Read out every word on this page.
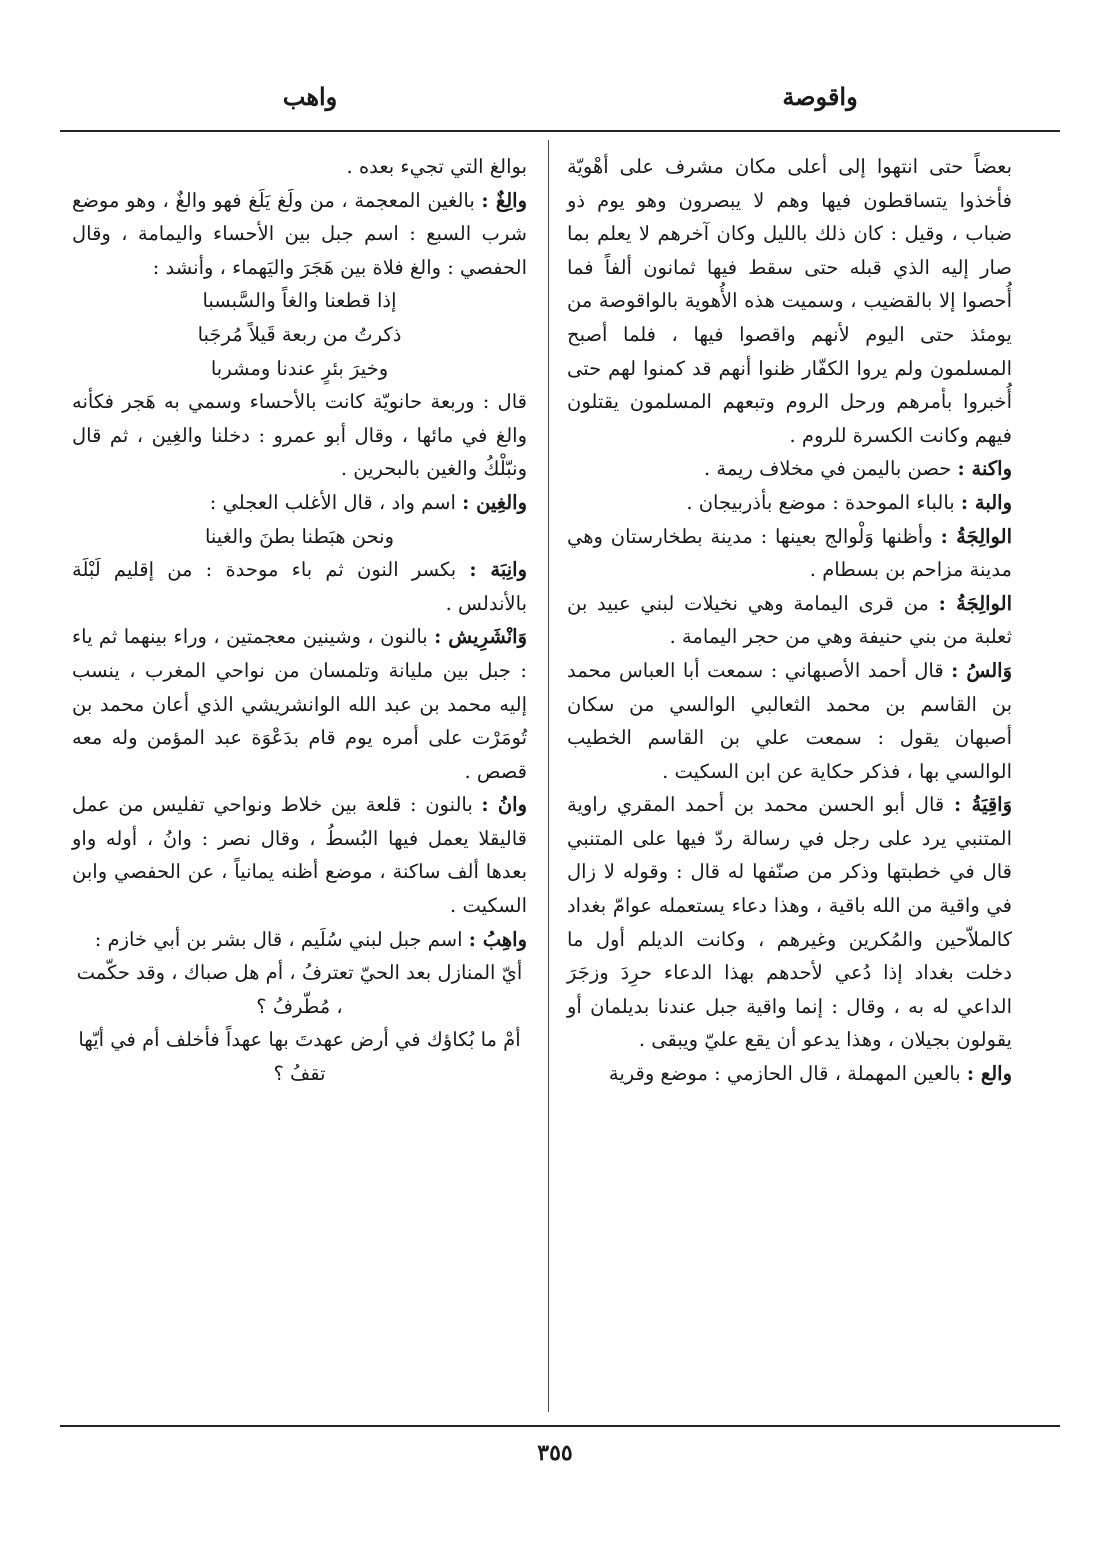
واقوصة
واهب

بعضاً حتى انتهوا إلى أعلى مكان مشرف على أهْويّة فأخذوا يتساقطون فيها وهم لا يبصرون وهو يوم ذو ضباب ، وقيل : كان ذلك بالليل وكان آخرهم لا يعلم بما صار إليه الذي قبله حتى سقط فيها ثمانون ألفاً فما أُحصوا إلا بالقضيب ، وسميت هذه الأُهوية بالواقوصة من يومئذ حتى اليوم لأنهم واقصوا فيها ، فلما أصبح المسلمون ولم يروا الكفّار ظنوا أنهم قد كمنوا لهم حتى أُخبروا بأمرهم ورحل الروم وتبعهم المسلمون يقتلون فيهم وكانت الكسرة للروم .

واكنة : حصن باليمن في مخلاف ريمة .

والبة : بالباء الموحدة : موضع بأذربيجان .

الوالِجَةُ : وأظنها وَلْوالج بعينها : مدينة بطخارستان وهي مدينة مزاحم بن بسطام .

الوالِجَةُ : من قرى اليمامة وهي نخيلات لبني عبيد بن ثعلبة من بني حنيفة وهي من حجر اليمامة .

وَالسُ : قال أحمد الأصبهاني : سمعت أبا العباس محمد بن القاسم بن محمد الثعالبي الوالسي من سكان أصبهان يقول : سمعت علي بن القاسم الخطيب الوالسي بها ، فذكر حكاية عن ابن السكيت .

وَاقِيَةُ : قال أبو الحسن محمد بن أحمد المقري راوية المتنبي يرد على رجل في رسالة ردّ فيها على المتنبي قال في خطبتها وذكر من صنّفها له قال : وقوله لا زال في واقية من الله باقية ، وهذا دعاء يستعمله عوامّ بغداد كالملاّحين والمُكرين وغيرهم ، وكانت الديلم أول ما دخلت بغداد إذا دُعي لأحدهم بهذا الدعاء حرِدَ وزجَرَ الداعي له به ، وقال : إنما واقية جبل عندنا بديلمان أو يقولون بجيلان ، وهذا يدعو أن يقع عليّ ويبقى .

والع : بالعين المهملة ، قال الحازمي : موضع وقرية

بوالغ التي تجيء بعده .

والِغٌ : بالغين المعجمة ، من ولَغ يَلَغ فهو والغٌ ، وهو موضع شرب السبع : اسم جبل بين الأحساء واليمامة ، وقال الحفصي : والغ فلاة بين هَجَرَ واليَهماء ، وأنشد :

إذا قطعنا والغاً والسَّبسبا

ذكرتُ من ربعة قَيلاً مُرجَبا

وخيرَ بئرٍ عندنا ومشربا

قال : وربعة حانويّة كانت بالأحساء وسمي به هَجر فكأنه والغ في مائها ، وقال أبو عمرو : دخلنا والغِين ، ثم قال ونبّلْكُ والغين بالبحرين .

والغِين : اسم واد ، قال الأغلب العجلي :

ونحن هبَطنا بطنَ والغينا

وانِبَة : بكسر النون ثم باء موحدة : من إقليم لَبْلَة بالأندلس .

وَانْشَرِيش : بالنون ، وشينين معجمتين ، وراء بينهما ثم ياء : جبل بين مليانة وتلمسان من نواحي المغرب ، ينسب إليه محمد بن عبد الله الوانشريشي الذي أعان محمد بن تُومَرْت على أمره يوم قام بدَعْوَة عبد المؤمن وله معه قصص .

وانُ : بالنون : قلعة بين خلاط ونواحي تفليس من عمل قاليقلا يعمل فيها البُسطُ ، وقال نصر : وانُ ، أوله واو بعدها ألف ساكنة ، موضع أظنه يمانياً ، عن الحفصي وابن السكيت .

واهِبُ : اسم جبل لبني سُلَيم ، قال بشر بن أبي خازم :

أيّ المنازل بعد الحيّ تعترفُ ، أم هل صباك ، وقد حكّمت ، مُطّرفُ ؟

أمْ ما بُكاؤك في أرض عهدتَ بها عهداً فأخلف أم في أيّها تقفُ ؟

٣٥٥
